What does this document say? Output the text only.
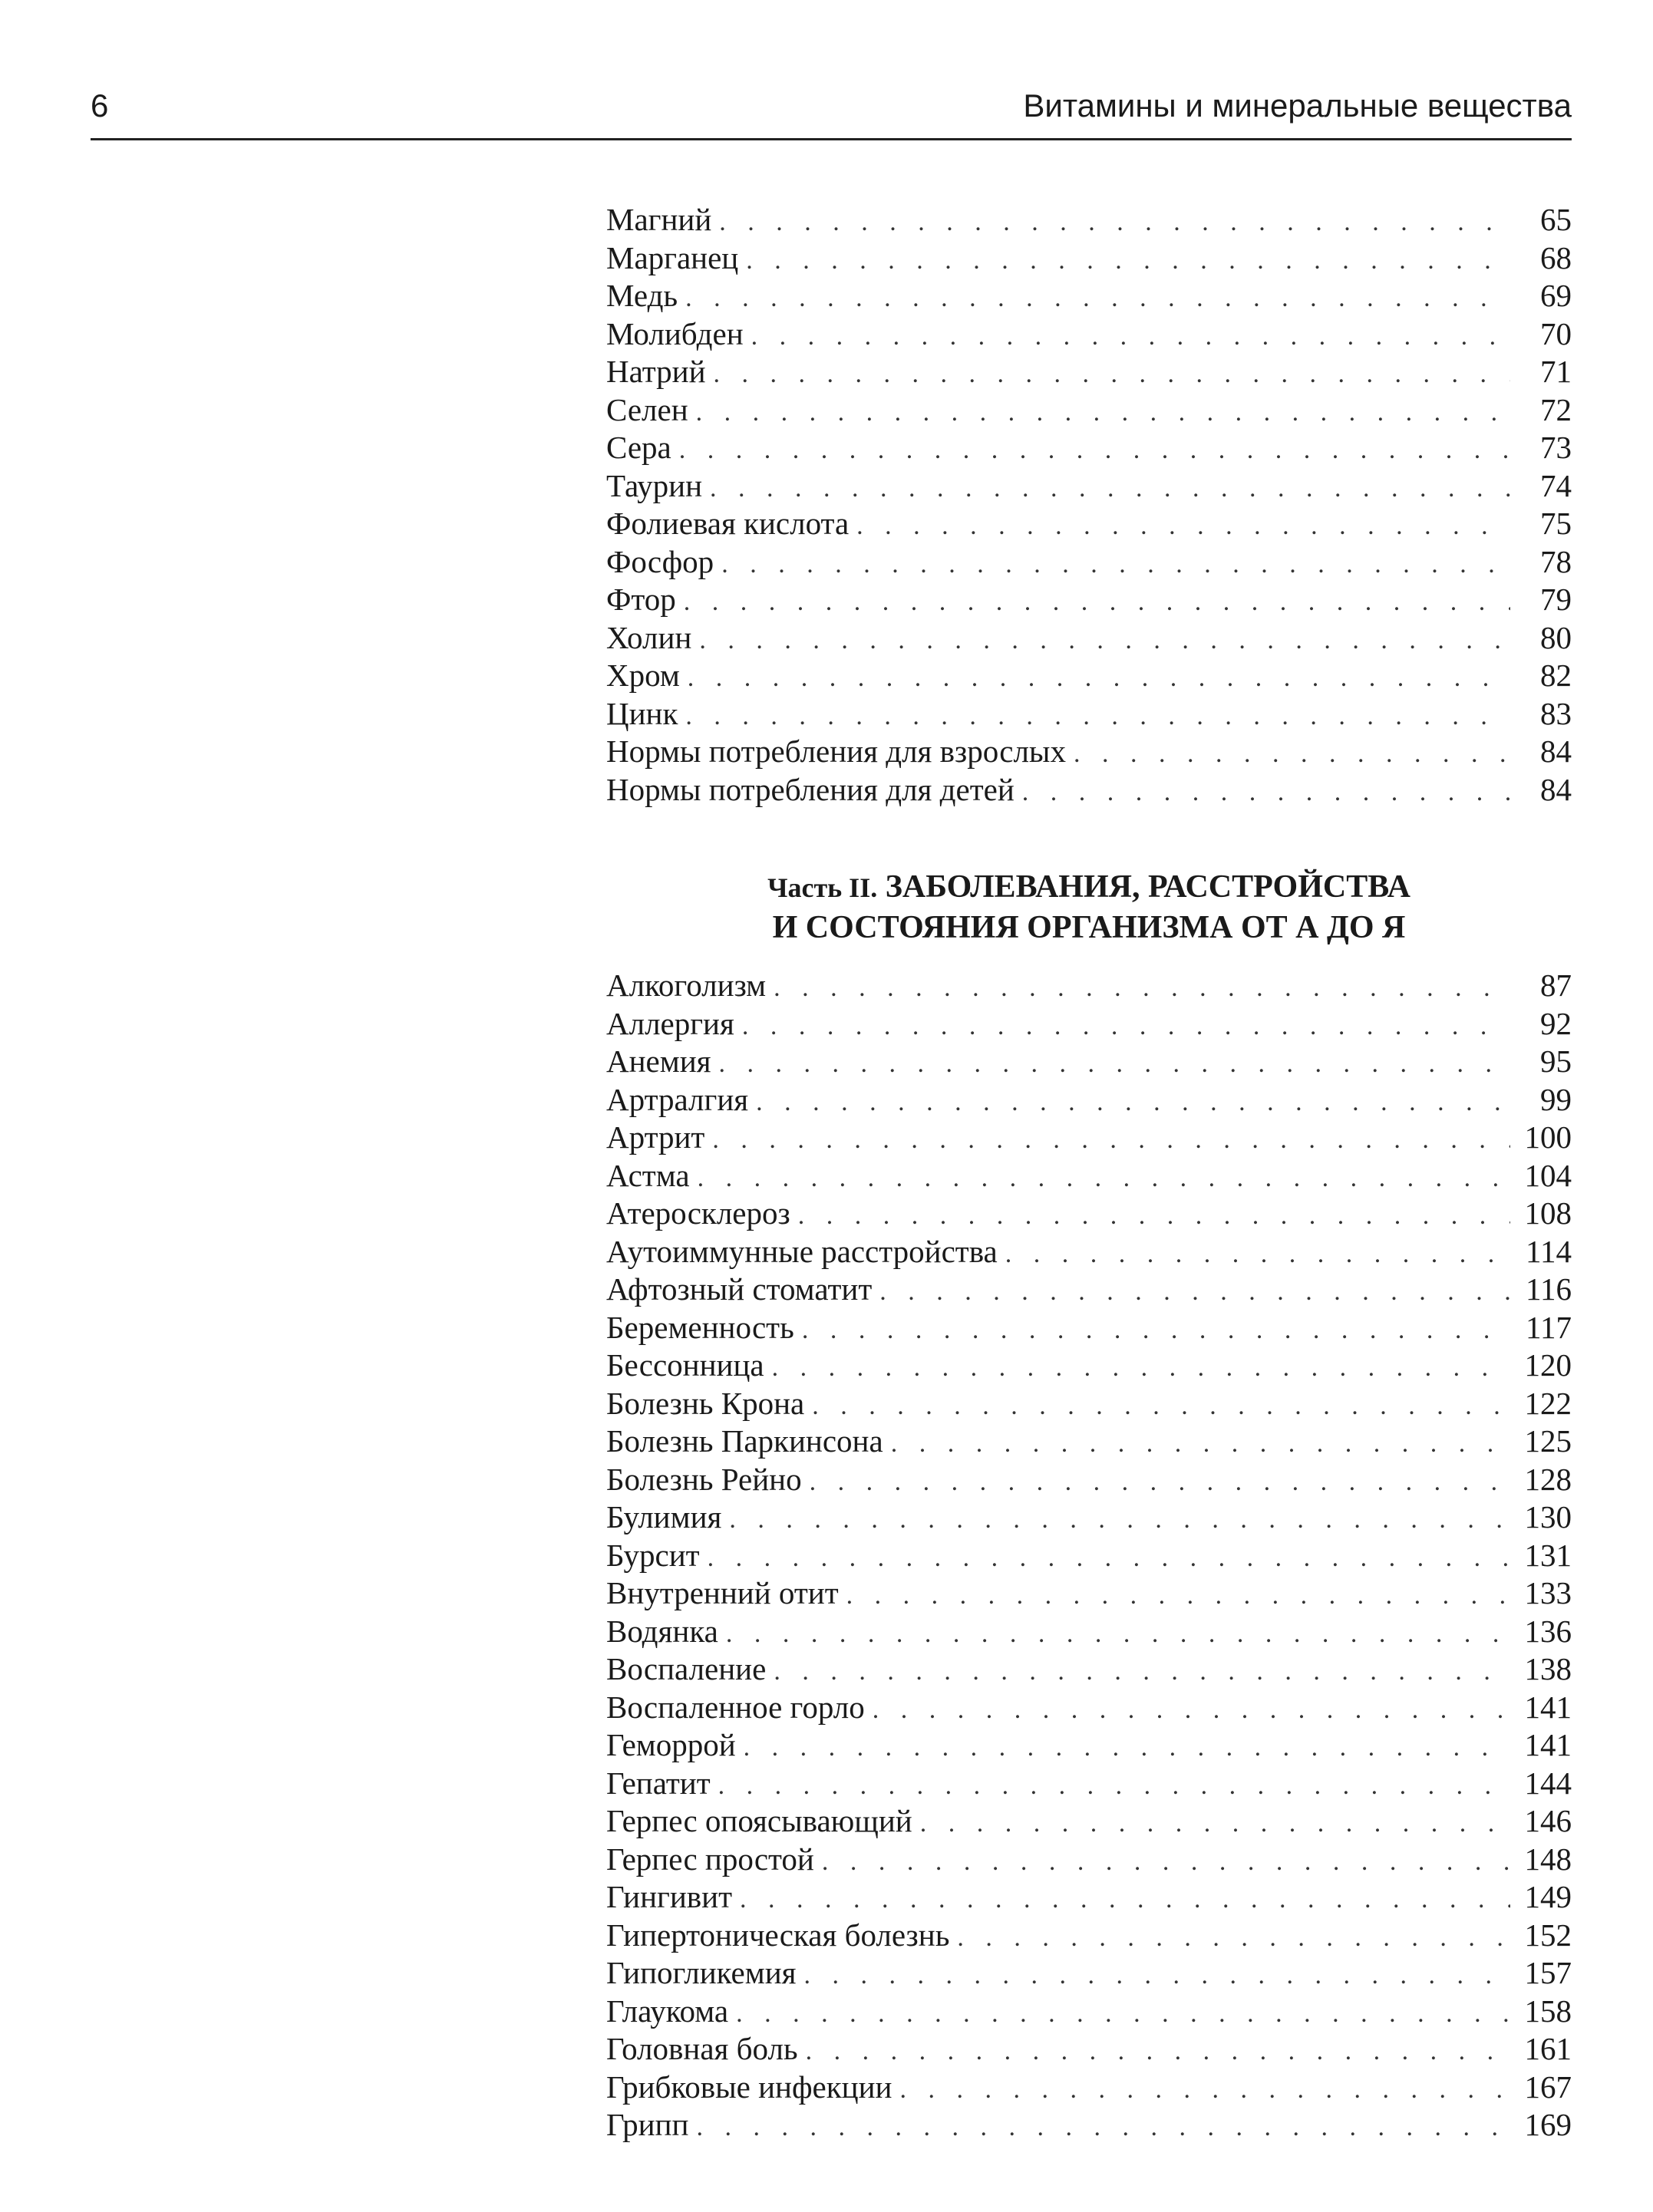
6	Витамины и минеральные вещества
Магний . . .	65
Марганец . . .	68
Медь . . .	69
Молибден . . .	70
Натрий . . .	71
Селен . . .	72
Сера . . .	73
Таурин . . .	74
Фолиевая кислота . . .	75
Фосфор . . .	78
Фтор . . .	79
Холин . . .	80
Хром . . .	82
Цинк . . .	83
Нормы потребления для взрослых . . .	84
Нормы потребления для детей . . .	84
Часть II. ЗАБОЛЕВАНИЯ, РАССТРОЙСТВА
И СОСТОЯНИЯ ОРГАНИЗМА ОТ А ДО Я
Алкоголизм . . .	87
Аллергия . . .	92
Анемия . . .	95
Артралгия . . .	99
Артрит . . .	100
Астма . . .	104
Атеросклероз . . .	108
Аутоиммунные расстройства . . .	114
Афтозный стоматит . . .	116
Беременность . . .	117
Бессонница . . .	120
Болезнь Крона . . .	122
Болезнь Паркинсона . . .	125
Болезнь Рейно . . .	128
Булимия . . .	130
Бурсит . . .	131
Внутренний отит . . .	133
Водянка . . .	136
Воспаление . . .	138
Воспаленное горло . . .	141
Геморрой . . .	141
Гепатит . . .	144
Герпес опоясывающий . . .	146
Герпес простой . . .	148
Гингивит . . .	149
Гипертоническая болезнь . . .	152
Гипогликемия . . .	157
Глаукома . . .	158
Головная боль . . .	161
Грибковые инфекции . . .	167
Грипп . . .	169
